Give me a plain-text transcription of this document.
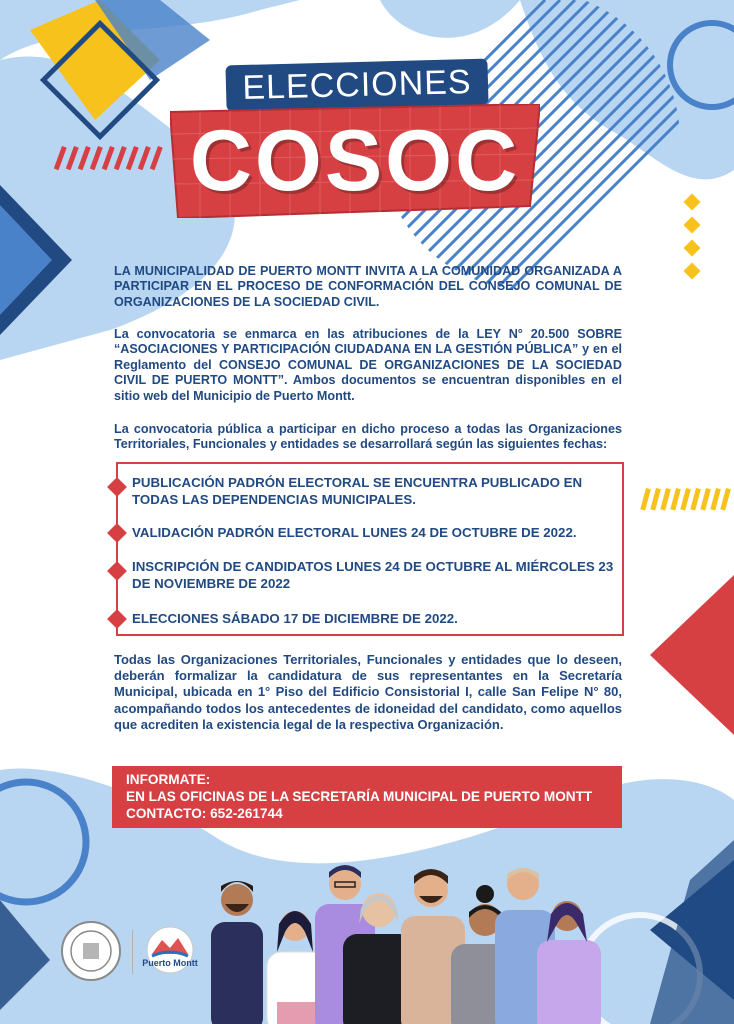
ELECCIONES
COSOC
LA MUNICIPALIDAD DE PUERTO MONTT INVITA A LA COMUNIDAD ORGANIZADA A PARTICIPAR EN EL PROCESO DE CONFORMACIÓN DEL CONSEJO COMUNAL DE ORGANIZACIONES DE LA SOCIEDAD CIVIL.
La convocatoria se enmarca en las atribuciones de la LEY N° 20.500 SOBRE “ASOCIACIONES Y PARTICIPACIÓN CIUDADANA EN LA GESTIÓN PÚBLICA” y en el Reglamento del CONSEJO COMUNAL DE ORGANIZACIONES DE LA SOCIEDAD CIVIL DE PUERTO MONTT”. Ambos documentos se encuentran disponibles en el sitio web del Municipio de Puerto Montt.
La convocatoria pública a participar en dicho proceso a todas las Organizaciones Territoriales, Funcionales y entidades se desarrollará según las siguientes fechas:
PUBLICACIÓN PADRÓN ELECTORAL SE ENCUENTRA PUBLICADO EN TODAS LAS DEPENDENCIAS MUNICIPALES.
VALIDACIÓN PADRÓN ELECTORAL LUNES 24 DE OCTUBRE DE 2022.
INSCRIPCIÓN DE CANDIDATOS LUNES 24 DE OCTUBRE AL MIÉRCOLES 23 DE NOVIEMBRE DE 2022
ELECCIONES SÁBADO 17 DE DICIEMBRE DE 2022.
Todas las Organizaciones Territoriales, Funcionales y entidades que lo deseen, deberán formalizar la candidatura de sus representantes en la Secretaría Municipal, ubicada en 1° Piso del Edificio Consistorial I, calle San Felipe N° 80, acompañando todos los antecedentes de idoneidad del candidato, como aquellos que acrediten la existencia legal de la respectiva Organización.
INFORMATE:
EN LAS OFICINAS DE LA SECRETARÍA MUNICIPAL DE PUERTO MONTT
CONTACTO: 652-261744
Puerto Montt
